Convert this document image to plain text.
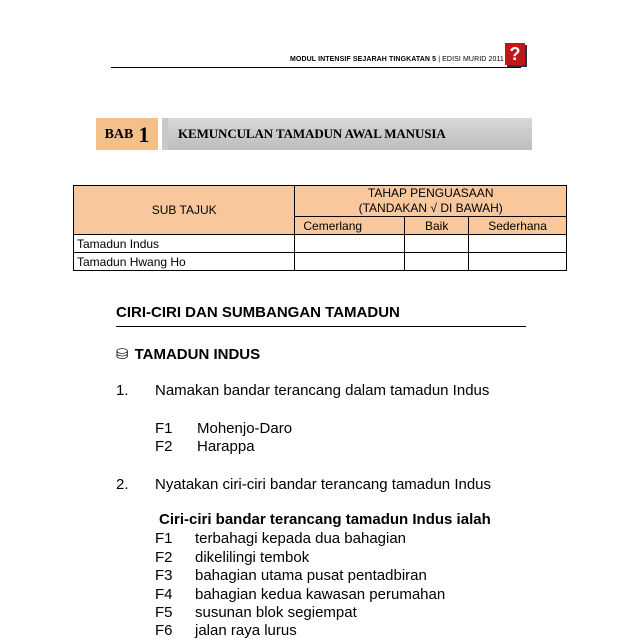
MODUL INTENSIF SEJARAH TINGKATAN 5 | EDISI MURID 2011 ?
BAB 1	KEMUNCULAN TAMADUN AWAL MANUSIA
SUB TAJUK	TAHAP PENGUASAAN
(TANDAKAN √ DI BAWAH)		

	Cemerlang	Baik	Sederhana
Tamadun Indus			
Tamadun Hwang Ho			
CIRI-CIRI DAN SUMBANGAN TAMADUN
⛁ TAMADUN INDUS
1. Namakan bandar terancang dalam tamadun Indus
F1 Mohenjo-Daro
F2 Harappa
2. Nyatakan ciri-ciri bandar terancang tamadun Indus
Ciri-ciri bandar terancang tamadun Indus ialah
F1 terbahagi kepada dua bahagian
F2 dikelilingi tembok
F3 bahagian utama pusat pentadbiran
F4 bahagian kedua kawasan perumahan
F5 susunan blok segiempat
F6 jalan raya lurus
